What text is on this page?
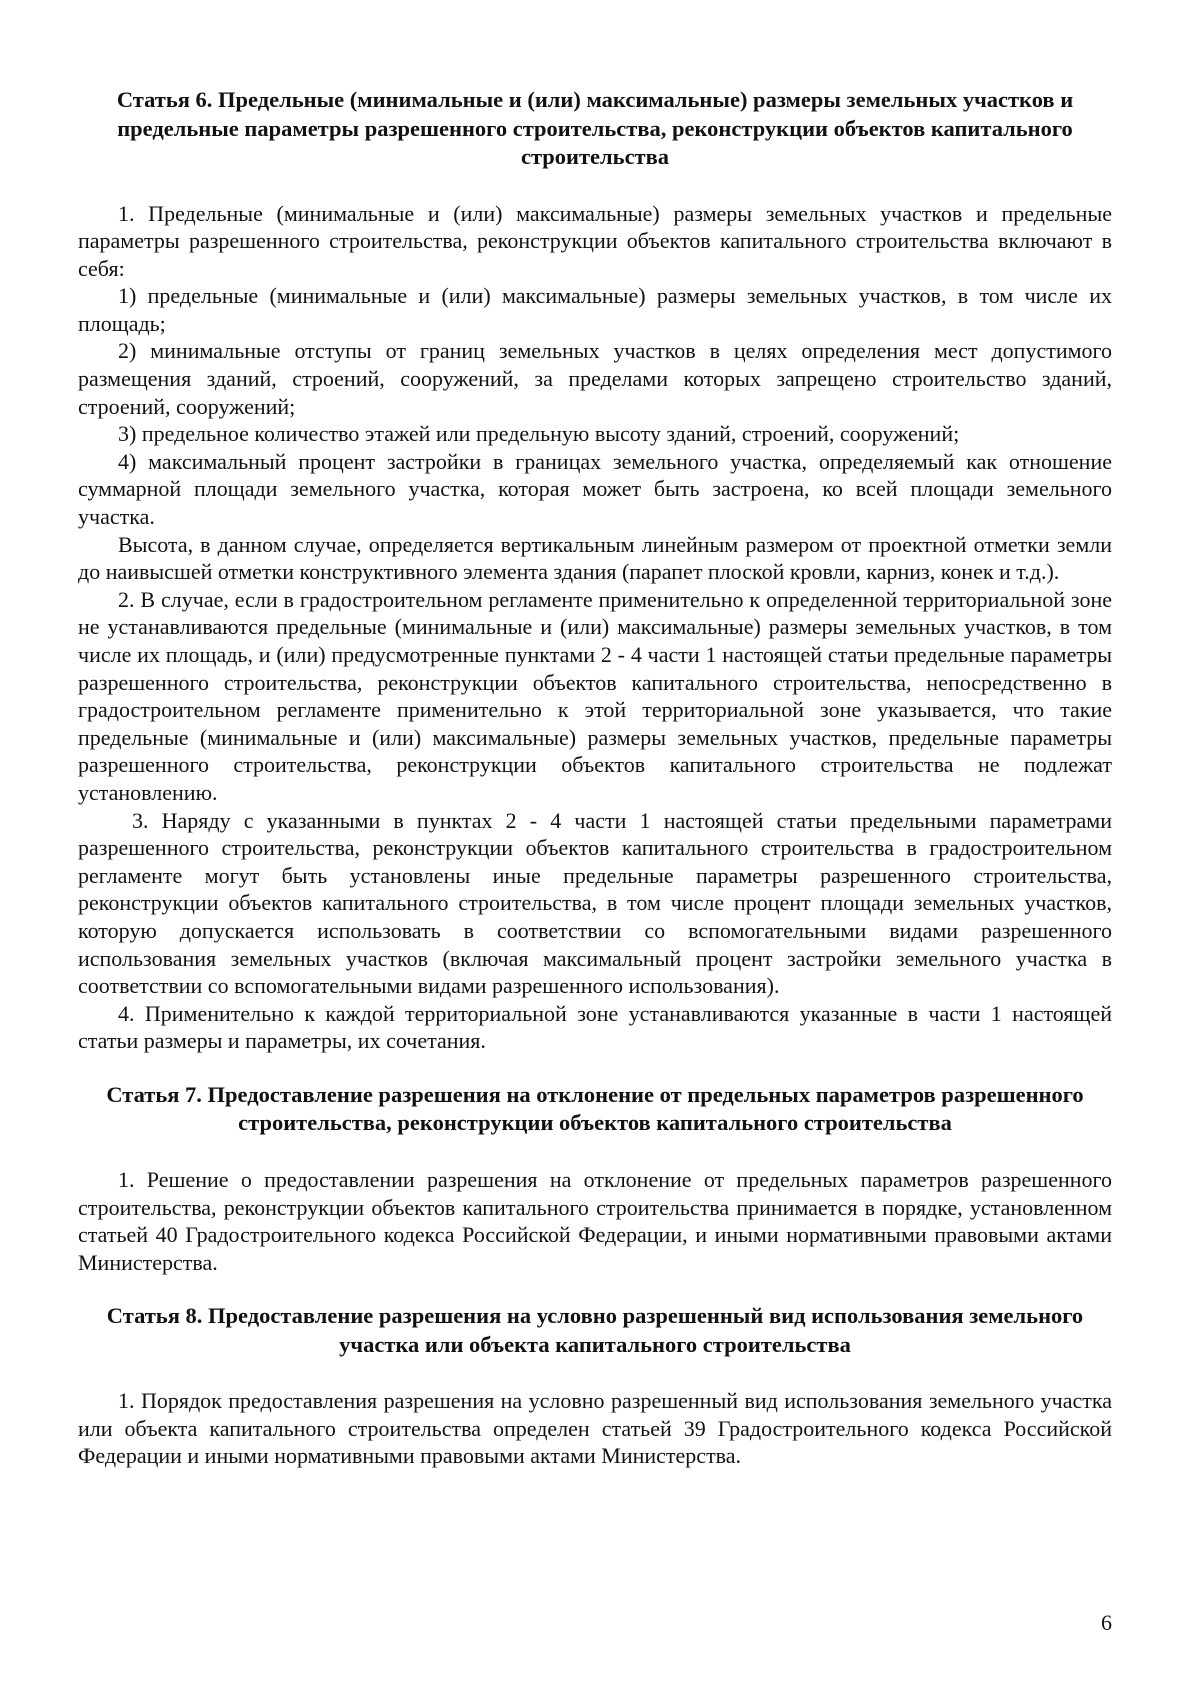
Статья 6. Предельные (минимальные и (или) максимальные) размеры земельных участков и предельные параметры разрешенного строительства, реконструкции объектов капитального строительства

1. Предельные (минимальные и (или) максимальные) размеры земельных участков и предельные параметры разрешенного строительства, реконструкции объектов капитального строительства включают в себя:

1) предельные (минимальные и (или) максимальные) размеры земельных участков, в том числе их площадь;

2) минимальные отступы от границ земельных участков в целях определения мест допустимого размещения зданий, строений, сооружений, за пределами которых запрещено строительство зданий, строений, сооружений;

3) предельное количество этажей или предельную высоту зданий, строений, сооружений;

4) максимальный процент застройки в границах земельного участка, определяемый как отношение суммарной площади земельного участка, которая может быть застроена, ко всей площади земельного участка.

Высота, в данном случае, определяется вертикальным линейным размером от проектной отметки земли до наивысшей отметки конструктивного элемента здания (парапет плоской кровли, карниз, конек и т.д.).

2. В случае, если в градостроительном регламенте применительно к определенной территориальной зоне не устанавливаются предельные (минимальные и (или) максимальные) размеры земельных участков, в том числе их площадь, и (или) предусмотренные пунктами 2 - 4 части 1 настоящей статьи предельные параметры разрешенного строительства, реконструкции объектов капитального строительства, непосредственно в градостроительном регламенте применительно к этой территориальной зоне указывается, что такие предельные (минимальные и (или) максимальные) размеры земельных участков, предельные параметры разрешенного строительства, реконструкции объектов капитального строительства не подлежат установлению.

3. Наряду с указанными в пунктах 2 - 4 части 1 настоящей статьи предельными параметрами разрешенного строительства, реконструкции объектов капитального строительства в градостроительном регламенте могут быть установлены иные предельные параметры разрешенного строительства, реконструкции объектов капитального строительства, в том числе процент площади земельных участков, которую допускается использовать в соответствии со вспомогательными видами разрешенного использования земельных участков (включая максимальный процент застройки земельного участка в соответствии со вспомогательными видами разрешенного использования).

4. Применительно к каждой территориальной зоне устанавливаются указанные в части 1 настоящей статьи размеры и параметры, их сочетания.

Статья 7. Предоставление разрешения на отклонение от предельных параметров разрешенного строительства, реконструкции объектов капитального строительства

1. Решение о предоставлении разрешения на отклонение от предельных параметров разрешенного строительства, реконструкции объектов капитального строительства принимается в порядке, установленном статьей 40 Градостроительного кодекса Российской Федерации, и иными нормативными правовыми актами Министерства.

Статья 8. Предоставление разрешения на условно разрешенный вид использования земельного участка или объекта капитального строительства

1. Порядок предоставления разрешения на условно разрешенный вид использования земельного участка или объекта капитального строительства определен статьей 39 Градостроительного кодекса Российской Федерации и иными нормативными правовыми актами Министерства.

6
